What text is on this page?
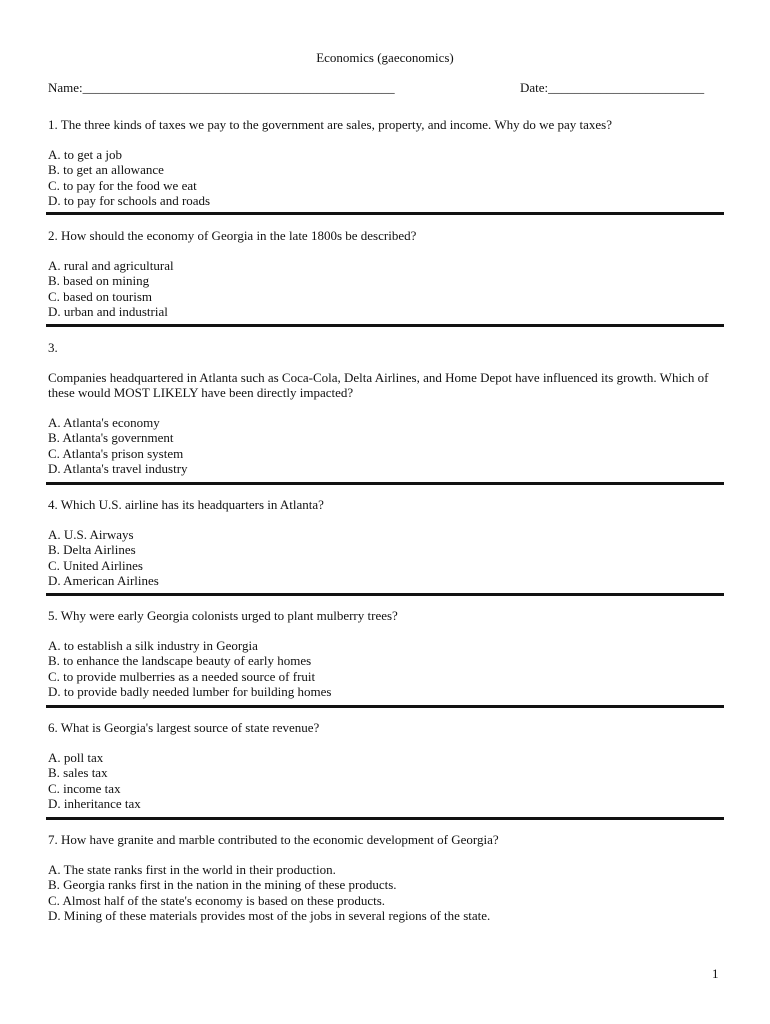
Economics (gaeconomics)
Name:________________________________________________	Date:________________________

1. The three kinds of taxes we pay to the government are sales, property, and income. Why do we pay taxes?

A. to get a job
B. to get an allowance
C. to pay for the food we eat
D. to pay for schools and roads

2. How should the economy of Georgia in the late 1800s be described?

A. rural and agricultural
B. based on mining
C. based on tourism
D. urban and industrial

3.

Companies headquartered in Atlanta such as Coca-Cola, Delta Airlines, and Home Depot have influenced its growth. Which of these would MOST LIKELY have been directly impacted?

A. Atlanta's economy
B. Atlanta's government
C. Atlanta's prison system
D. Atlanta's travel industry

4. Which U.S. airline has its headquarters in Atlanta?

A. U.S. Airways
B. Delta Airlines
C. United Airlines
D. American Airlines

5. Why were early Georgia colonists urged to plant mulberry trees?

A. to establish a silk industry in Georgia
B. to enhance the landscape beauty of early homes
C. to provide mulberries as a needed source of fruit
D. to provide badly needed lumber for building homes

6. What is Georgia's largest source of state revenue?

A. poll tax
B. sales tax
C. income tax
D. inheritance tax

7. How have granite and marble contributed to the economic development of Georgia?

A. The state ranks first in the world in their production.
B. Georgia ranks first in the nation in the mining of these products.
C. Almost half of the state's economy is based on these products.
D. Mining of these materials provides most of the jobs in several regions of the state.
1
